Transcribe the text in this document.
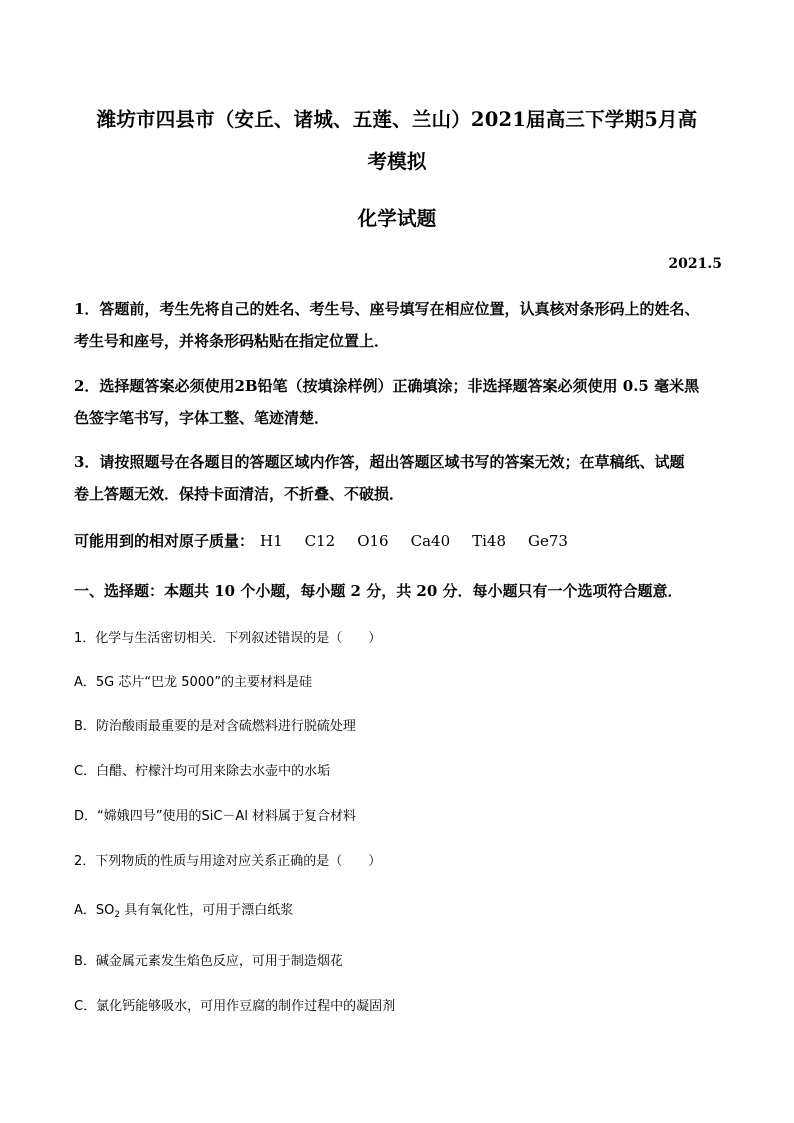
潍坊市四县市（安丘、诸城、五莲、兰山）2021届高三下学期5月高
考模拟
化学试题
2021.5
1．答题前，考生先将自己的姓名、考生号、座号填写在相应位置，认真核对条形码上的姓名、
考生号和座号，并将条形码粘贴在指定位置上．
2．选择题答案必须使用2B铅笔（按填涂样例）正确填涂；非选择题答案必须使用 0.5 毫米黑
色签字笔书写，字体工整、笔迹清楚．
3．请按照题号在各题目的答题区域内作答，超出答题区域书写的答案无效；在草稿纸、试题
卷上答题无效．保持卡面清洁，不折叠、不破损．
可能用到的相对原子质量： H1 C12 O16 Ca40 Ti48 Ge73
一、选择题：本题共 10 个小题，每小题 2 分，共 20 分．每小题只有一个选项符合题意．
1．化学与生活密切相关．下列叙述错误的是（　　）
A．5G 芯片“巴龙 5000”的主要材料是硅
B．防治酸雨最重要的是对含硫燃料进行脱硫处理
C．白醋、柠檬汁均可用来除去水壶中的水垢
D．“嫦娥四号”使用的SiC－Al 材料属于复合材料
2．下列物质的性质与用途对应关系正确的是（　　）
A．$SO_2$ 具有氧化性，可用于漂白纸浆
B．碱金属元素发生焰色反应，可用于制造烟花
C．氯化钙能够吸水，可用作豆腐的制作过程中的凝固剂
